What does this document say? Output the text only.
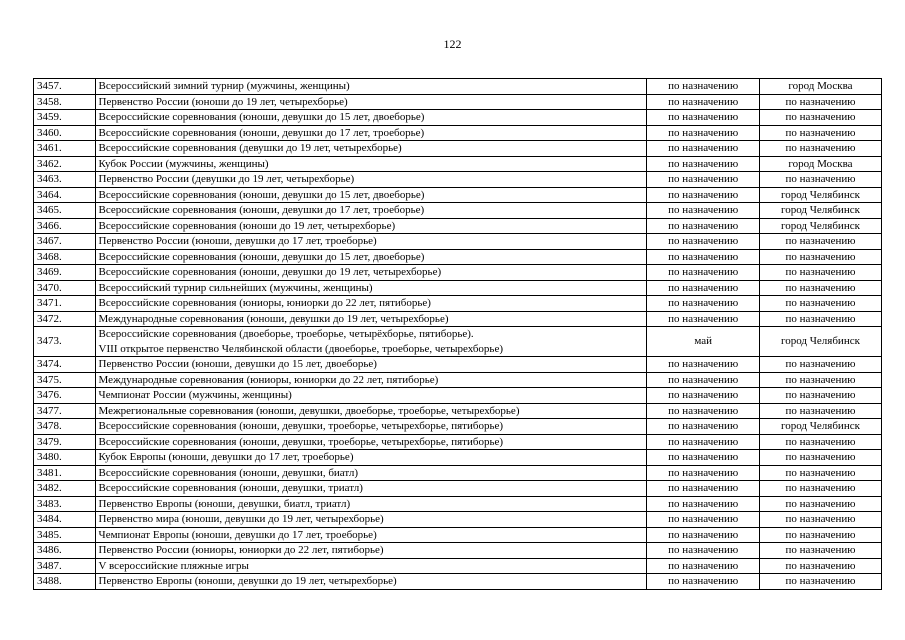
122
3457.	Всероссийский зимний турнир (мужчины, женщины)	по назначению	город Москва
3458.	Первенство России (юноши до 19 лет, четырехборье)	по назначению	по назначению
3459.	Всероссийские соревнования (юноши, девушки до 15 лет, двоеборье)	по назначению	по назначению
3460.	Всероссийские соревнования (юноши, девушки до 17 лет, троеборье)	по назначению	по назначению
3461.	Всероссийские соревнования (девушки до 19 лет, четырехборье)	по назначению	по назначению
3462.	Кубок России (мужчины, женщины)	по назначению	город Москва
3463.	Первенство России (девушки до 19 лет, четырехборье)	по назначению	по назначению
3464.	Всероссийские соревнования (юноши, девушки до 15 лет, двоеборье)	по назначению	город Челябинск
3465.	Всероссийские соревнования (юноши, девушки до 17 лет, троеборье)	по назначению	город Челябинск
3466.	Всероссийские соревнования (юноши до 19 лет, четырехборье)	по назначению	город Челябинск
3467.	Первенство России (юноши, девушки до 17 лет, троеборье)	по назначению	по назначению
3468.	Всероссийские соревнования (юноши, девушки до 15 лет, двоеборье)	по назначению	по назначению
3469.	Всероссийские соревнования (юноши, девушки до 19 лет, четырехборье)	по назначению	по назначению
3470.	Всероссийский турнир сильнейших (мужчины, женщины)	по назначению	по назначению
3471.	Всероссийские соревнования (юниоры, юниорки до 22 лет, пятиборье)	по назначению	по назначению
3472.	Международные соревнования (юноши, девушки до 19 лет, четырехборье)	по назначению	по назначению
3473.	Всероссийские соревнования (двоеборье, троеборье, четырёхборье, пятиборье).
VIII открытое первенство Челябинской области (двоеборье, троеборье, четырехборье)	май	город Челябинск
3474.	Первенство России (юноши, девушки до 15 лет, двоеборье)	по назначению	по назначению
3475.	Международные соревнования (юниоры, юниорки до 22 лет, пятиборье)	по назначению	по назначению
3476.	Чемпионат России (мужчины, женщины)	по назначению	по назначению
3477.	Межрегиональные соревнования (юноши, девушки, двоеборье, троеборье, четырехборье)	по назначению	по назначению
3478.	Всероссийские соревнования (юноши, девушки, троеборье, четырехборье, пятиборье)	по назначению	город Челябинск
3479.	Всероссийские соревнования (юноши, девушки, троеборье, четырехборье, пятиборье)	по назначению	по назначению
3480.	Кубок Европы (юноши, девушки до 17 лет, троеборье)	по назначению	по назначению
3481.	Всероссийские соревнования (юноши, девушки, биатл)	по назначению	по назначению
3482.	Всероссийские соревнования (юноши, девушки, триатл)	по назначению	по назначению
3483.	Первенство Европы (юноши, девушки, биатл, триатл)	по назначению	по назначению
3484.	Первенство мира (юноши, девушки до 19 лет, четырехборье)	по назначению	по назначению
3485.	Чемпионат Европы (юноши, девушки до 17 лет, троеборье)	по назначению	по назначению
3486.	Первенство России (юниоры, юниорки до 22 лет, пятиборье)	по назначению	по назначению
3487.	V всероссийские пляжные игры	по назначению	по назначению
3488.	Первенство Европы (юноши, девушки до 19 лет, четырехборье)	по назначению	по назначению
